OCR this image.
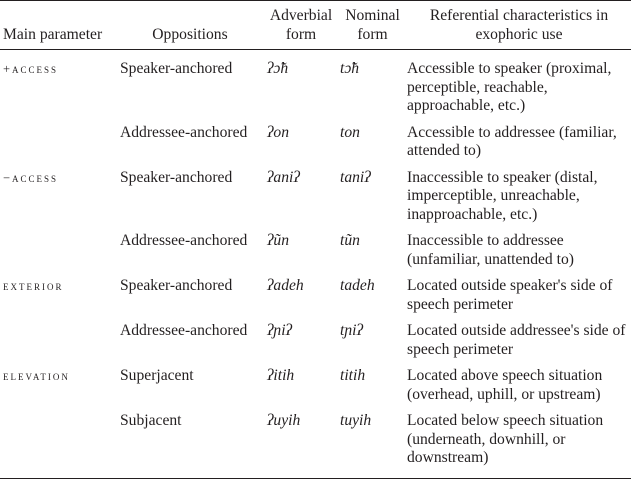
Main parameter	Oppositions	Adverbial form	Nominal form	Referential characteristics in exophoric use
+access	Speaker-anchored	ʔɔ̃h	tɔ̃h	Accessible to speaker (proximal, perceptible, reachable, approachable, etc.)
	Addressee-anchored	ʔon	ton	Accessible to addressee (familiar, attended to)
−access	Speaker-anchored	ʔaniʔ	taniʔ	Inaccessible to speaker (distal, imperceptible, unreachable, inapproachable, etc.)
	Addressee-anchored	ʔũn	tũn	Inaccessible to addressee (unfamiliar, unattended to)
exterior	Speaker-anchored	ʔadeh	tadeh	Located outside speaker's side of speech perimeter
	Addressee-anchored	ʔɲiʔ	tɲiʔ	Located outside addressee's side of speech perimeter
elevation	Superjacent	ʔitih	titih	Located above speech situation (overhead, uphill, or upstream)
	Subjacent	ʔuyih	tuyih	Located below speech situation (underneath, downhill, or downstream)
